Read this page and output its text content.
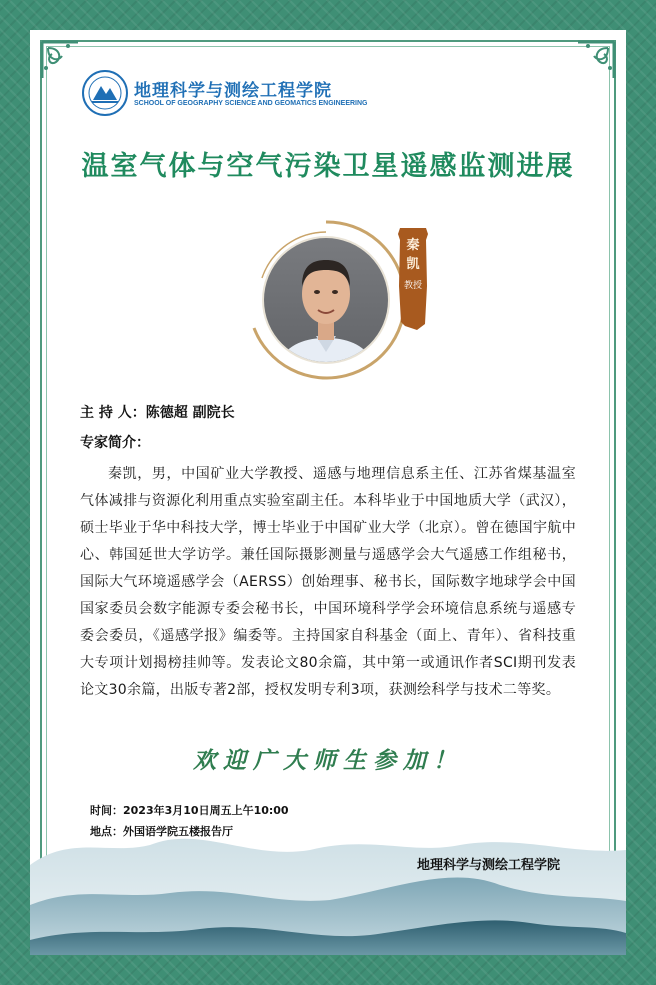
地理科学与测绘工程学院
SCHOOL OF GEOGRAPHY SCIENCE AND GEOMATICS ENGINEERING
温室气体与空气污染卫星遥感监测进展
秦凯
教授
主 持 人：陈德超 副院长
专家简介：
秦凯，男，中国矿业大学教授、遥感与地理信息系主任、江苏省煤基温室气体减排与资源化利用重点实验室副主任。本科毕业于中国地质大学（武汉），硕士毕业于华中科技大学，博士毕业于中国矿业大学（北京）。曾在德国宇航中心、韩国延世大学访学。兼任国际摄影测量与遥感学会大气遥感工作组秘书，国际大气环境遥感学会（AERSS）创始理事、秘书长，国际数字地球学会中国国家委员会数字能源专委会秘书长，中国环境科学学会环境信息系统与遥感专委会委员，《遥感学报》编委等。主持国家自科基金（面上、青年）、省科技重大专项计划揭榜挂帅等。发表论文80余篇，其中第一或通讯作者SCI期刊发表论文30余篇，出版专著2部，授权发明专利3项，获测绘科学与技术二等奖。
欢迎广大师生参加！
时间：2023年3月10日周五上午10:00
地点：外国语学院五楼报告厅
地理科学与测绘工程学院
